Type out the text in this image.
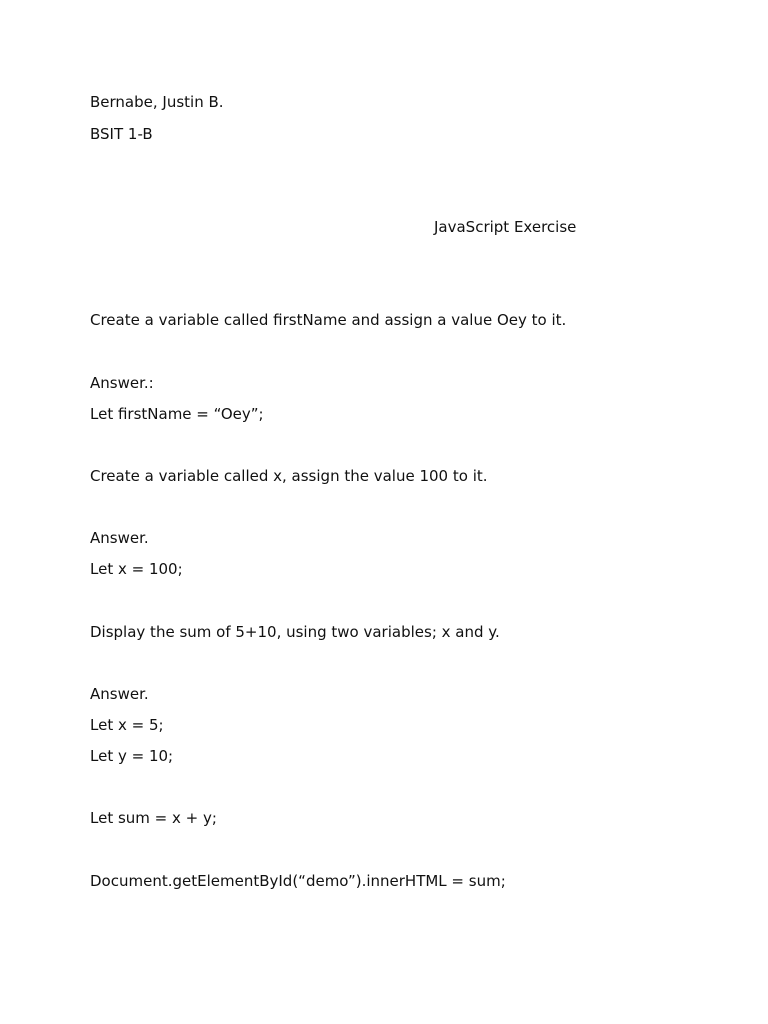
Bernabe, Justin B.
BSIT 1-B
JavaScript Exercise
Create a variable called firstName and assign a value Oey to it.
Answer.:
Let firstName = “Oey”;
Create a variable called x, assign the value 100 to it.
Answer.
Let x = 100;
Display the sum of 5+10, using two variables; x and y.
Answer.
Let x = 5;
Let y = 10;
Let sum = x + y;
Document.getElementById(“demo”).innerHTML = sum;
